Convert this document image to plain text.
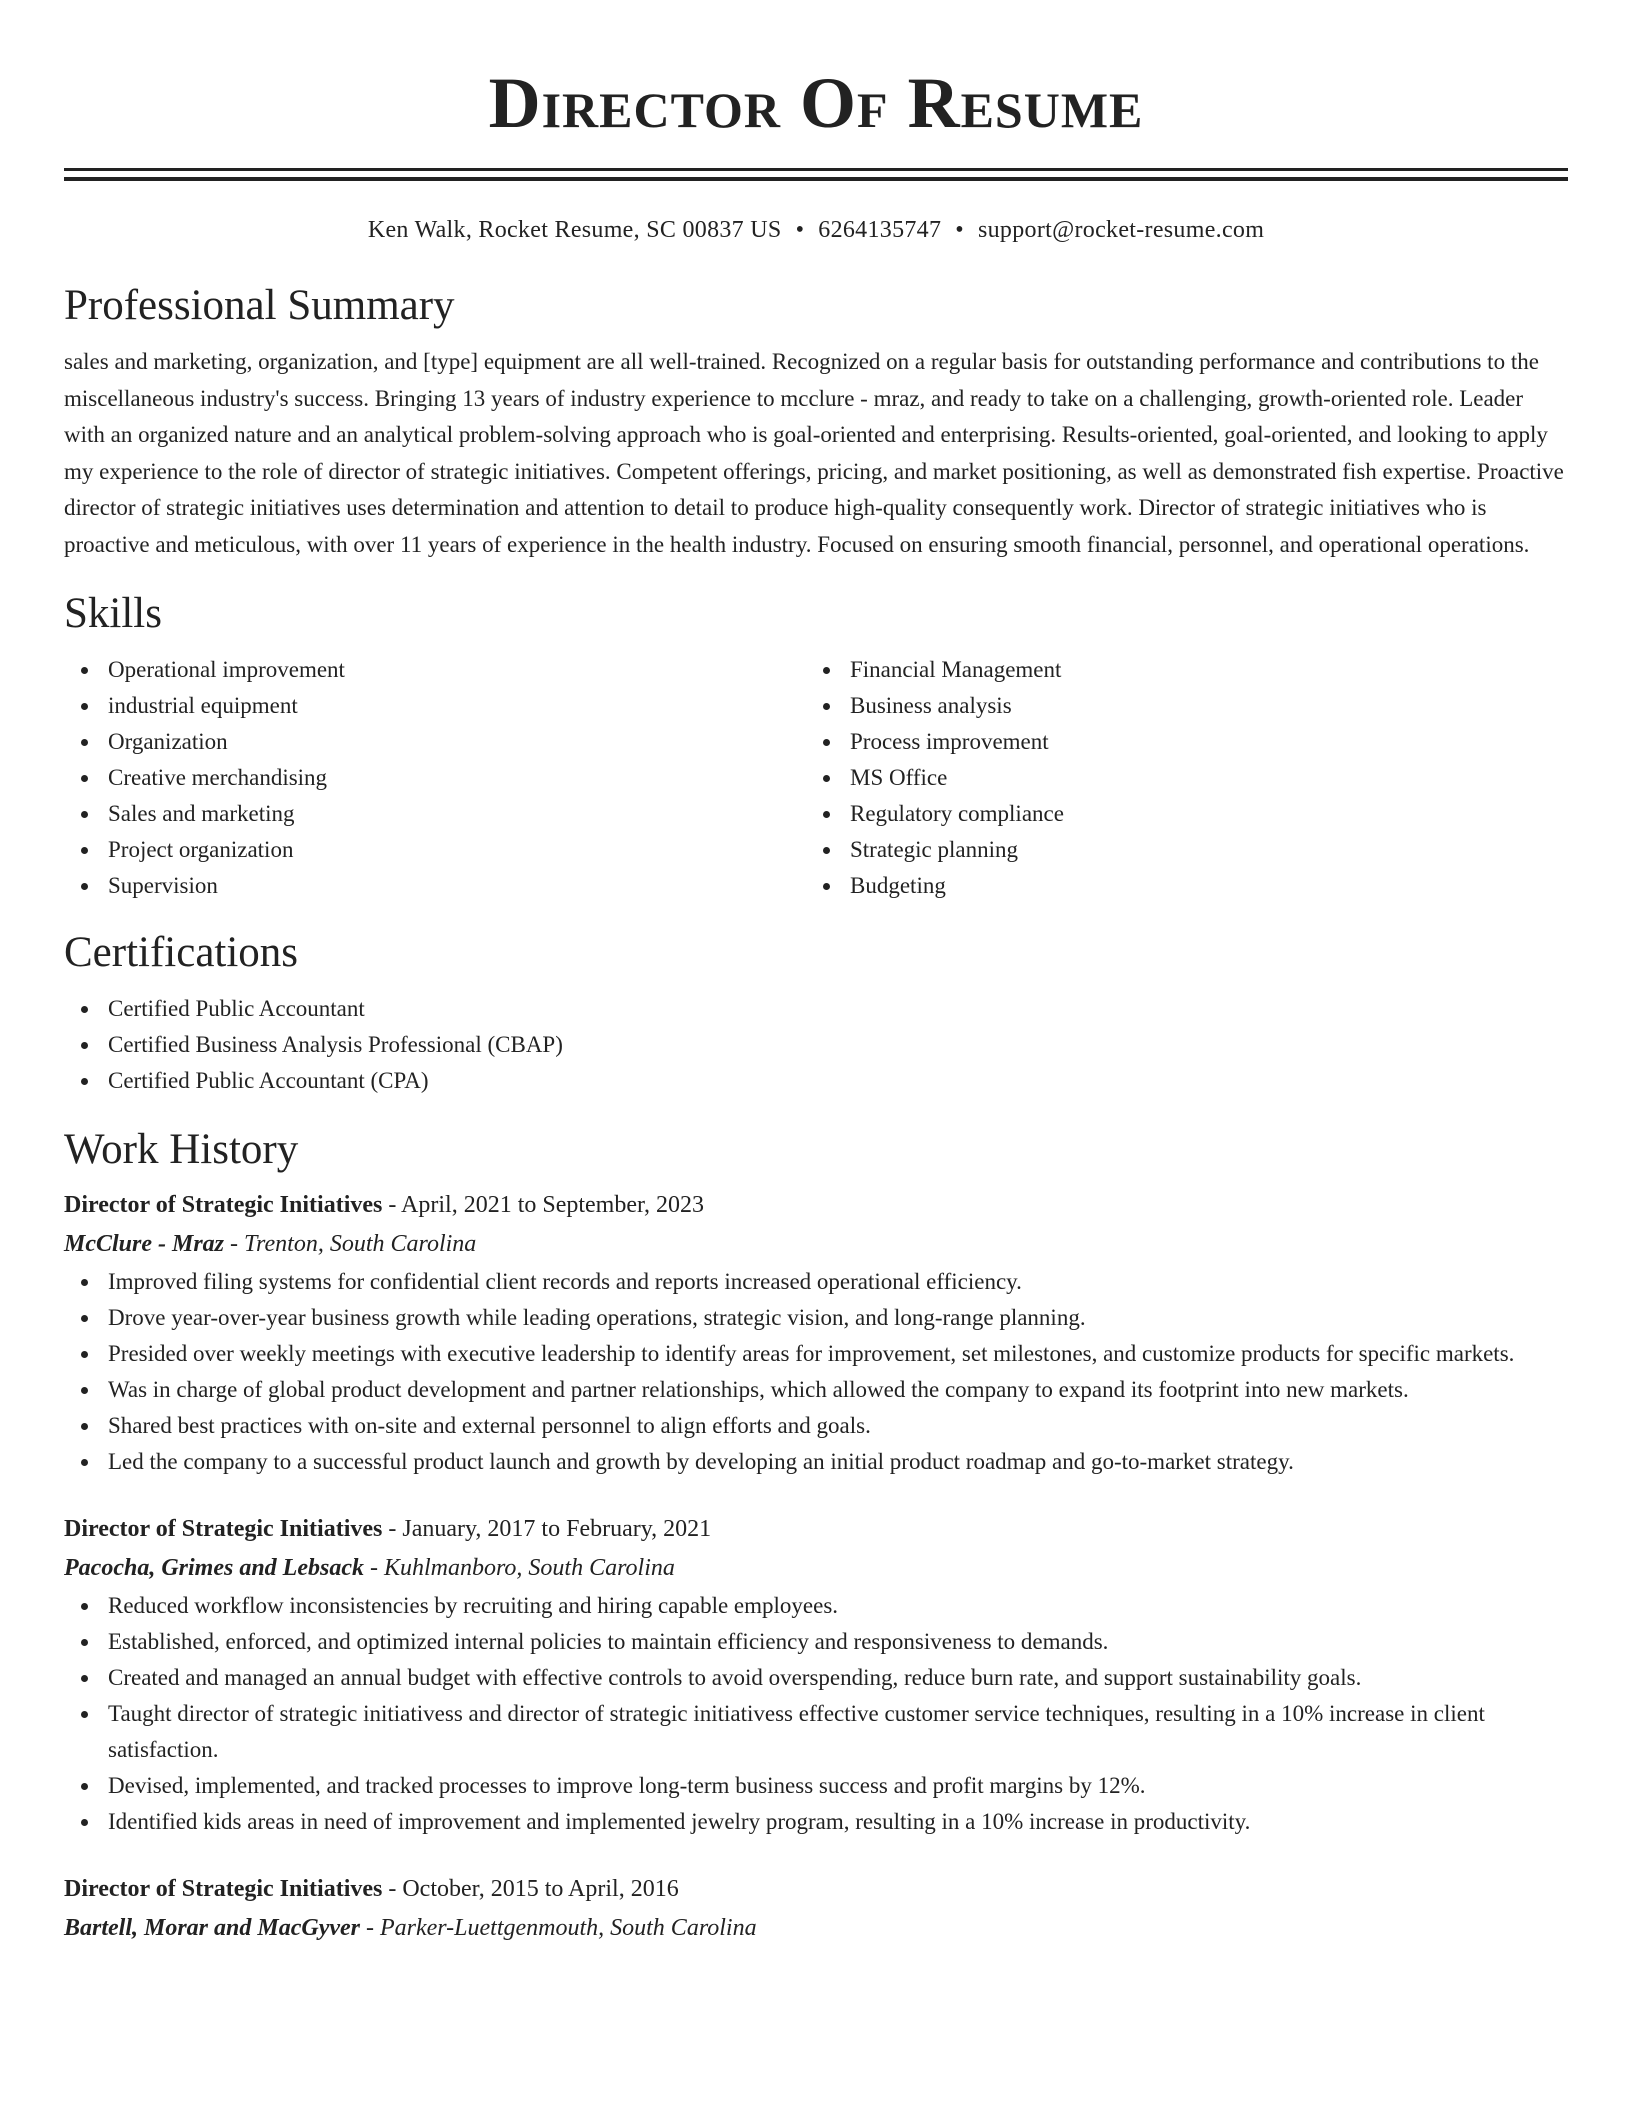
Director Of Resume
Ken Walk, Rocket Resume, SC 00837 US • 6264135747 • support@rocket-resume.com
Professional Summary

sales and marketing, organization, and [type] equipment are all well-trained. Recognized on a regular basis for outstanding performance and contributions to the miscellaneous industry's success. Bringing 13 years of industry experience to mcclure - mraz, and ready to take on a challenging, growth-oriented role. Leader with an organized nature and an analytical problem-solving approach who is goal-oriented and enterprising. Results-oriented, goal-oriented, and looking to apply my experience to the role of director of strategic initiatives. Competent offerings, pricing, and market positioning, as well as demonstrated fish expertise. Proactive director of strategic initiatives uses determination and attention to detail to produce high-quality consequently work. Director of strategic initiatives who is proactive and meticulous, with over 11 years of experience in the health industry. Focused on ensuring smooth financial, personnel, and operational operations.

Skills
Operational improvement
industrial equipment
Organization
Creative merchandising
Sales and marketing
Project organization
Supervision
Financial Management
Business analysis
Process improvement
MS Office
Regulatory compliance
Strategic planning
Budgeting
Certifications
Certified Public Accountant
Certified Business Analysis Professional (CBAP)
Certified Public Accountant (CPA)
Work History
Director of Strategic Initiatives - April, 2021 to September, 2023
McClure - Mraz - Trenton, South Carolina
Improved filing systems for confidential client records and reports increased operational efficiency.
Drove year-over-year business growth while leading operations, strategic vision, and long-range planning.
Presided over weekly meetings with executive leadership to identify areas for improvement, set milestones, and customize products for specific markets.
Was in charge of global product development and partner relationships, which allowed the company to expand its footprint into new markets.
Shared best practices with on-site and external personnel to align efforts and goals.
Led the company to a successful product launch and growth by developing an initial product roadmap and go-to-market strategy.
Director of Strategic Initiatives - January, 2017 to February, 2021
Pacocha, Grimes and Lebsack - Kuhlmanboro, South Carolina
Reduced workflow inconsistencies by recruiting and hiring capable employees.
Established, enforced, and optimized internal policies to maintain efficiency and responsiveness to demands.
Created and managed an annual budget with effective controls to avoid overspending, reduce burn rate, and support sustainability goals.
Taught director of strategic initiativess and director of strategic initiativess effective customer service techniques, resulting in a 10% increase in client satisfaction.
Devised, implemented, and tracked processes to improve long-term business success and profit margins by 12%.
Identified kids areas in need of improvement and implemented jewelry program, resulting in a 10% increase in productivity.
Director of Strategic Initiatives - October, 2015 to April, 2016
Bartell, Morar and MacGyver - Parker-Luettgenmouth, South Carolina
